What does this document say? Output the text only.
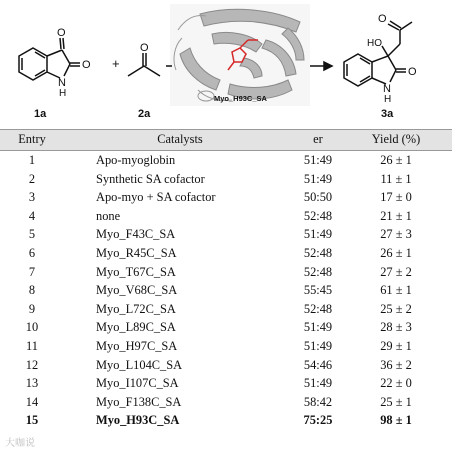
O
O
N
H
1a
+
O
2a
Myo_H93C_SA
HO
O
O
N
H
3a
Entry	Catalysts	er	Yield (%)
1	Apo-myoglobin	51:49	26 ± 1
2	Synthetic SA cofactor	51:49	11 ± 1
3	Apo-myo + SA cofactor	50:50	17 ± 0
4	none	52:48	21 ± 1
5	Myo_F43C_SA	51:49	27 ± 3
6	Myo_R45C_SA	52:48	26 ± 1
7	Myo_T67C_SA	52:48	27 ± 2
8	Myo_V68C_SA	55:45	61 ± 1
9	Myo_L72C_SA	52:48	25 ± 2
10	Myo_L89C_SA	51:49	28 ± 3
11	Myo_H97C_SA	51:49	29 ± 1
12	Myo_L104C_SA	54:46	36 ± 2
13	Myo_I107C_SA	51:49	22 ± 0
14	Myo_F138C_SA	58:42	25 ± 1
15	Myo_H93C_SA	75:25	98 ± 1
大咖说
